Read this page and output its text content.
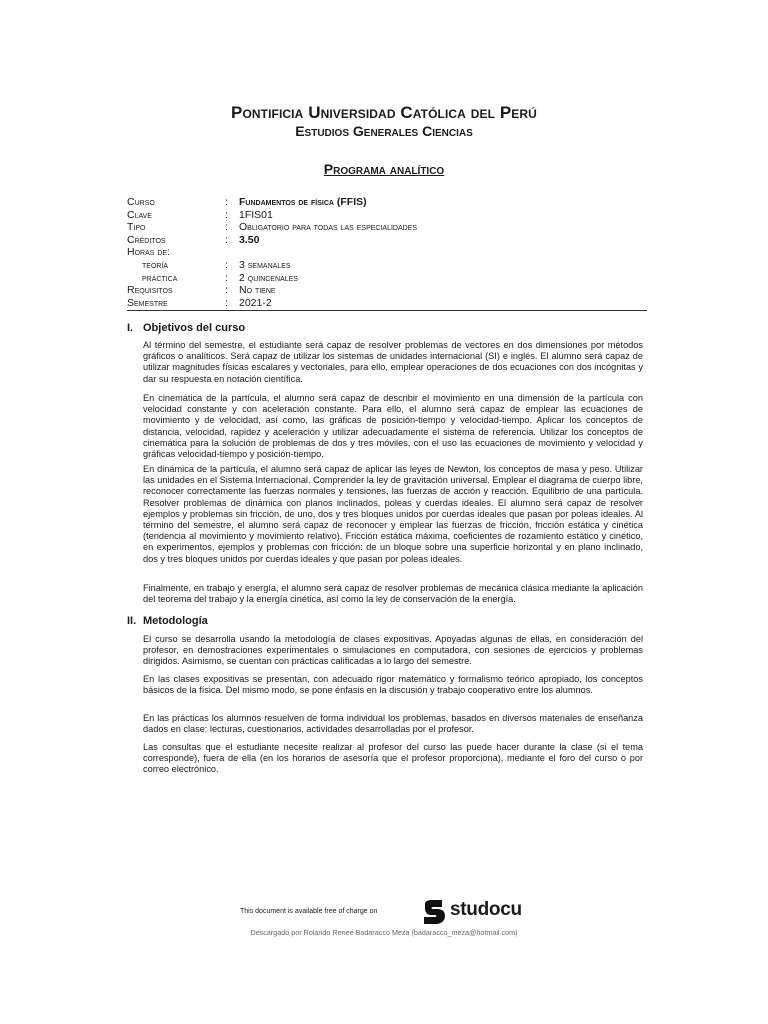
Pontificia Universidad Católica del Perú
Estudios Generales Ciencias
Programa analítico
Curso	:	Fundamentos de física (FFIS)
Clave	:	1FIS01
Tipo	:	Obligatorio para todas las especialidades
Créditos	:	3.50
Horas de:
teoría	:	3 semanales
práctica	:	2 quincenales
Requisitos	:	No tiene
Semestre	:	2021-2
I. Objetivos del curso

Al término del semestre, el estudiante será capaz de resolver problemas de vectores en dos dimensiones por métodos gráficos o analíticos. Será capaz de utilizar los sistemas de unidades internacional (SI) e inglés. El alumno será capaz de utilizar magnitudes físicas escalares y vectoriales, para ello, emplear operaciones de dos ecuaciones con dos incógnitas y dar su respuesta en notación científica.

En cinemática de la partícula, el alumno será capaz de describir el movimiento en una dimensión de la partícula con velocidad constante y con aceleración constante. Para ello, el alumno será capaz de emplear las ecuaciones de movimiento y de velocidad, así como, las gráficas de posición-tiempo y velocidad-tiempo. Aplicar los conceptos de distancia, velocidad, rapidez y aceleración y utilizar adecuadamente el sistema de referencia. Utilizar los conceptos de cinemática para la solución de problemas de dos y tres móviles, con el uso las ecuaciones de movimiento y velocidad y gráficas velocidad-tiempo y posición-tiempo.

En dinámica de la partícula, el alumno será capaz de aplicar las leyes de Newton, los conceptos de masa y peso. Utilizar las unidades en el Sistema Internacional. Comprender la ley de gravitación universal. Emplear el diagrama de cuerpo libre, reconocer correctamente las fuerzas normales y tensiones, las fuerzas de acción y reacción. Equilibrio de una partícula. Resolver problemas de dinámica con planos inclinados, poleas y cuerdas ideales. El alumno será capaz de resolver ejemplos y problemas sin fricción, de uno, dos y tres bloques unidos por cuerdas ideales que pasan por poleas ideales. Al término del semestre, el alumno será capaz de reconocer y emplear las fuerzas de fricción, fricción estática y cinética (tendencia al movimiento y movimiento relativo). Fricción estática máxima, coeficientes de rozamiento estático y cinético, en experimentos, ejemplos y problemas con fricción: de un bloque sobre una superficie horizontal y en plano inclinado, dos y tres bloques unidos por cuerdas ideales y que pasan por poleas ideales.

Finalmente, en trabajo y energía, el alumno será capaz de resolver problemas de mecánica clásica mediante la aplicación del teorema del trabajo y la energía cinética, así como la ley de conservación de la energía.

II. Metodología

El curso se desarrolla usando la metodología de clases expositivas. Apoyadas algunas de ellas, en consideración del profesor, en demostraciones experimentales o simulaciones en computadora, con sesiones de ejercicios y problemas dirigidos. Asimismo, se cuentan con prácticas calificadas a lo largo del semestre.

En las clases expositivas se presentan, con adecuado rigor matemático y formalismo teórico apropiado, los conceptos básicos de la física. Del mismo modo, se pone énfasis en la discusión y trabajo cooperativo entre los alumnos.

En las prácticas los alumnos resuelven de forma individual los problemas, basados en diversos materiales de enseñanza dados en clase: lecturas, cuestionarios, actividades desarrolladas por el profesor.

Las consultas que el estudiante necesite realizar al profesor del curso las puede hacer durante la clase (si el tema corresponde), fuera de ella (en los horarios de asesoría que el profesor proporciona), mediante el foro del curso o por correo electrónico.

This document is available free of charge on	studocu
Descargado por Rolando Renee Badaracco Meza (badaracco_meza@hotmail.com)
